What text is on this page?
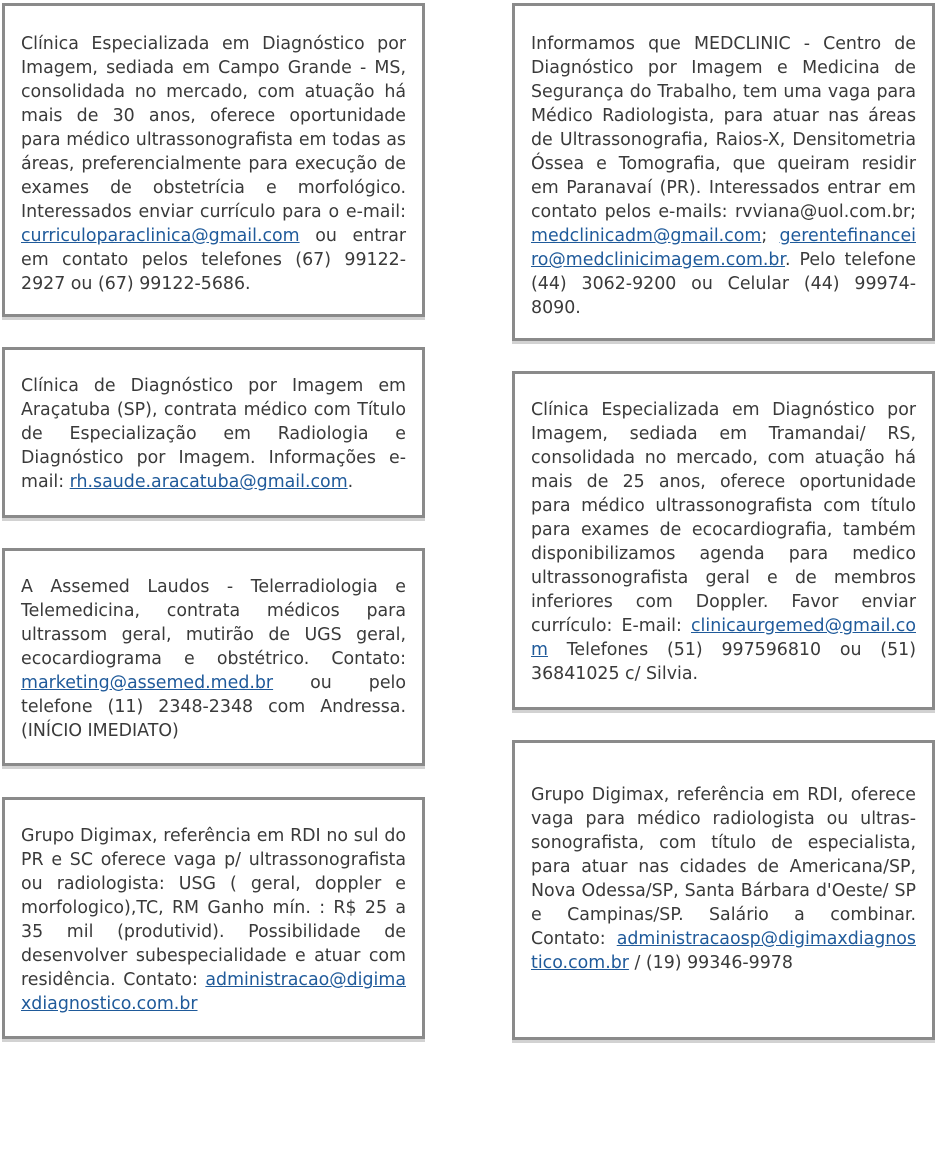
Clínica Especializada em Diagnóstico por Imagem, sediada em Campo Grande - MS, consolidada no mercado, com atuação há mais de 30 anos, oferece oportunidade para médico ultrassonografista em todas as áreas, preferencialmente para execução de exames de obstetrícia e morfológico. Interessados enviar currículo para o e-mail: curriculoparaclinica@gmail.com ou entrar em contato pelos telefones (67) 99122-2927 ou (67) 99122-5686.
Clínica de Diagnóstico por Imagem em Araçatuba (SP), contrata médico com Título de Especialização em Radiologia e Diagnóstico por Imagem. Informações e-mail: rh.saude.aracatuba@gmail.com.
A Assemed Laudos - Telerradiologia e Telemedicina, contrata médicos para ultrassom geral, mutirão de UGS geral, ecocardiograma e obstétrico. Contato: marketing@assemed.med.br ou pelo telefone (11) 2348-2348 com Andressa. (INÍCIO IMEDIATO)
Grupo Digimax, referência em RDI no sul do PR e SC oferece vaga p/ ultrassonografista ou radiologista: USG ( geral, doppler e morfologico),TC, RM Ganho mín. : R$ 25 a 35 mil (produtivid). Possibilidade de desenvolver subespecialidade e atuar com residência. Contato: administracao@digimaxdiagnostico.com.br
Informamos que MEDCLINIC - Centro de Diagnóstico por Imagem e Medicina de Segurança do Trabalho, tem uma vaga para Médico Radiologista, para atuar nas áreas de Ultrassonografia, Raios-X, Densitometria Óssea e Tomografia, que queiram residir em Paranavaí (PR). Interessados entrar em contato pelos e-mails: rvviana@uol.com.br; medclinicadm@gmail.com; gerentefinanceiro@medclinicimagem.com.br. Pelo telefone (44) 3062-9200 ou Celular (44) 99974-8090.
Clínica Especializada em Diagnóstico por Imagem, sediada em Tramandai/ RS, consolidada no mercado, com atuação há mais de 25 anos, oferece oportunidade para médico ultrassonografista com título para exames de ecocardiografia, também disponibilizamos agenda para medico ultrassonografista geral e de membros inferiores com Doppler. Favor enviar currículo: E-mail: clinicaurgemed@gmail.com Telefones (51) 997596810 ou (51) 36841025 c/ Silvia.
Grupo Digimax, referência em RDI, oferece vaga para médico radiologista ou ultrassonografista, com título de especialista, para atuar nas cidades de Americana/SP, Nova Odessa/SP, Santa Bárbara d'Oeste/ SP e Campinas/SP. Salário a combinar. Contato: administracaosp@digimaxdiagnostico.com.br / (19) 99346-9978
